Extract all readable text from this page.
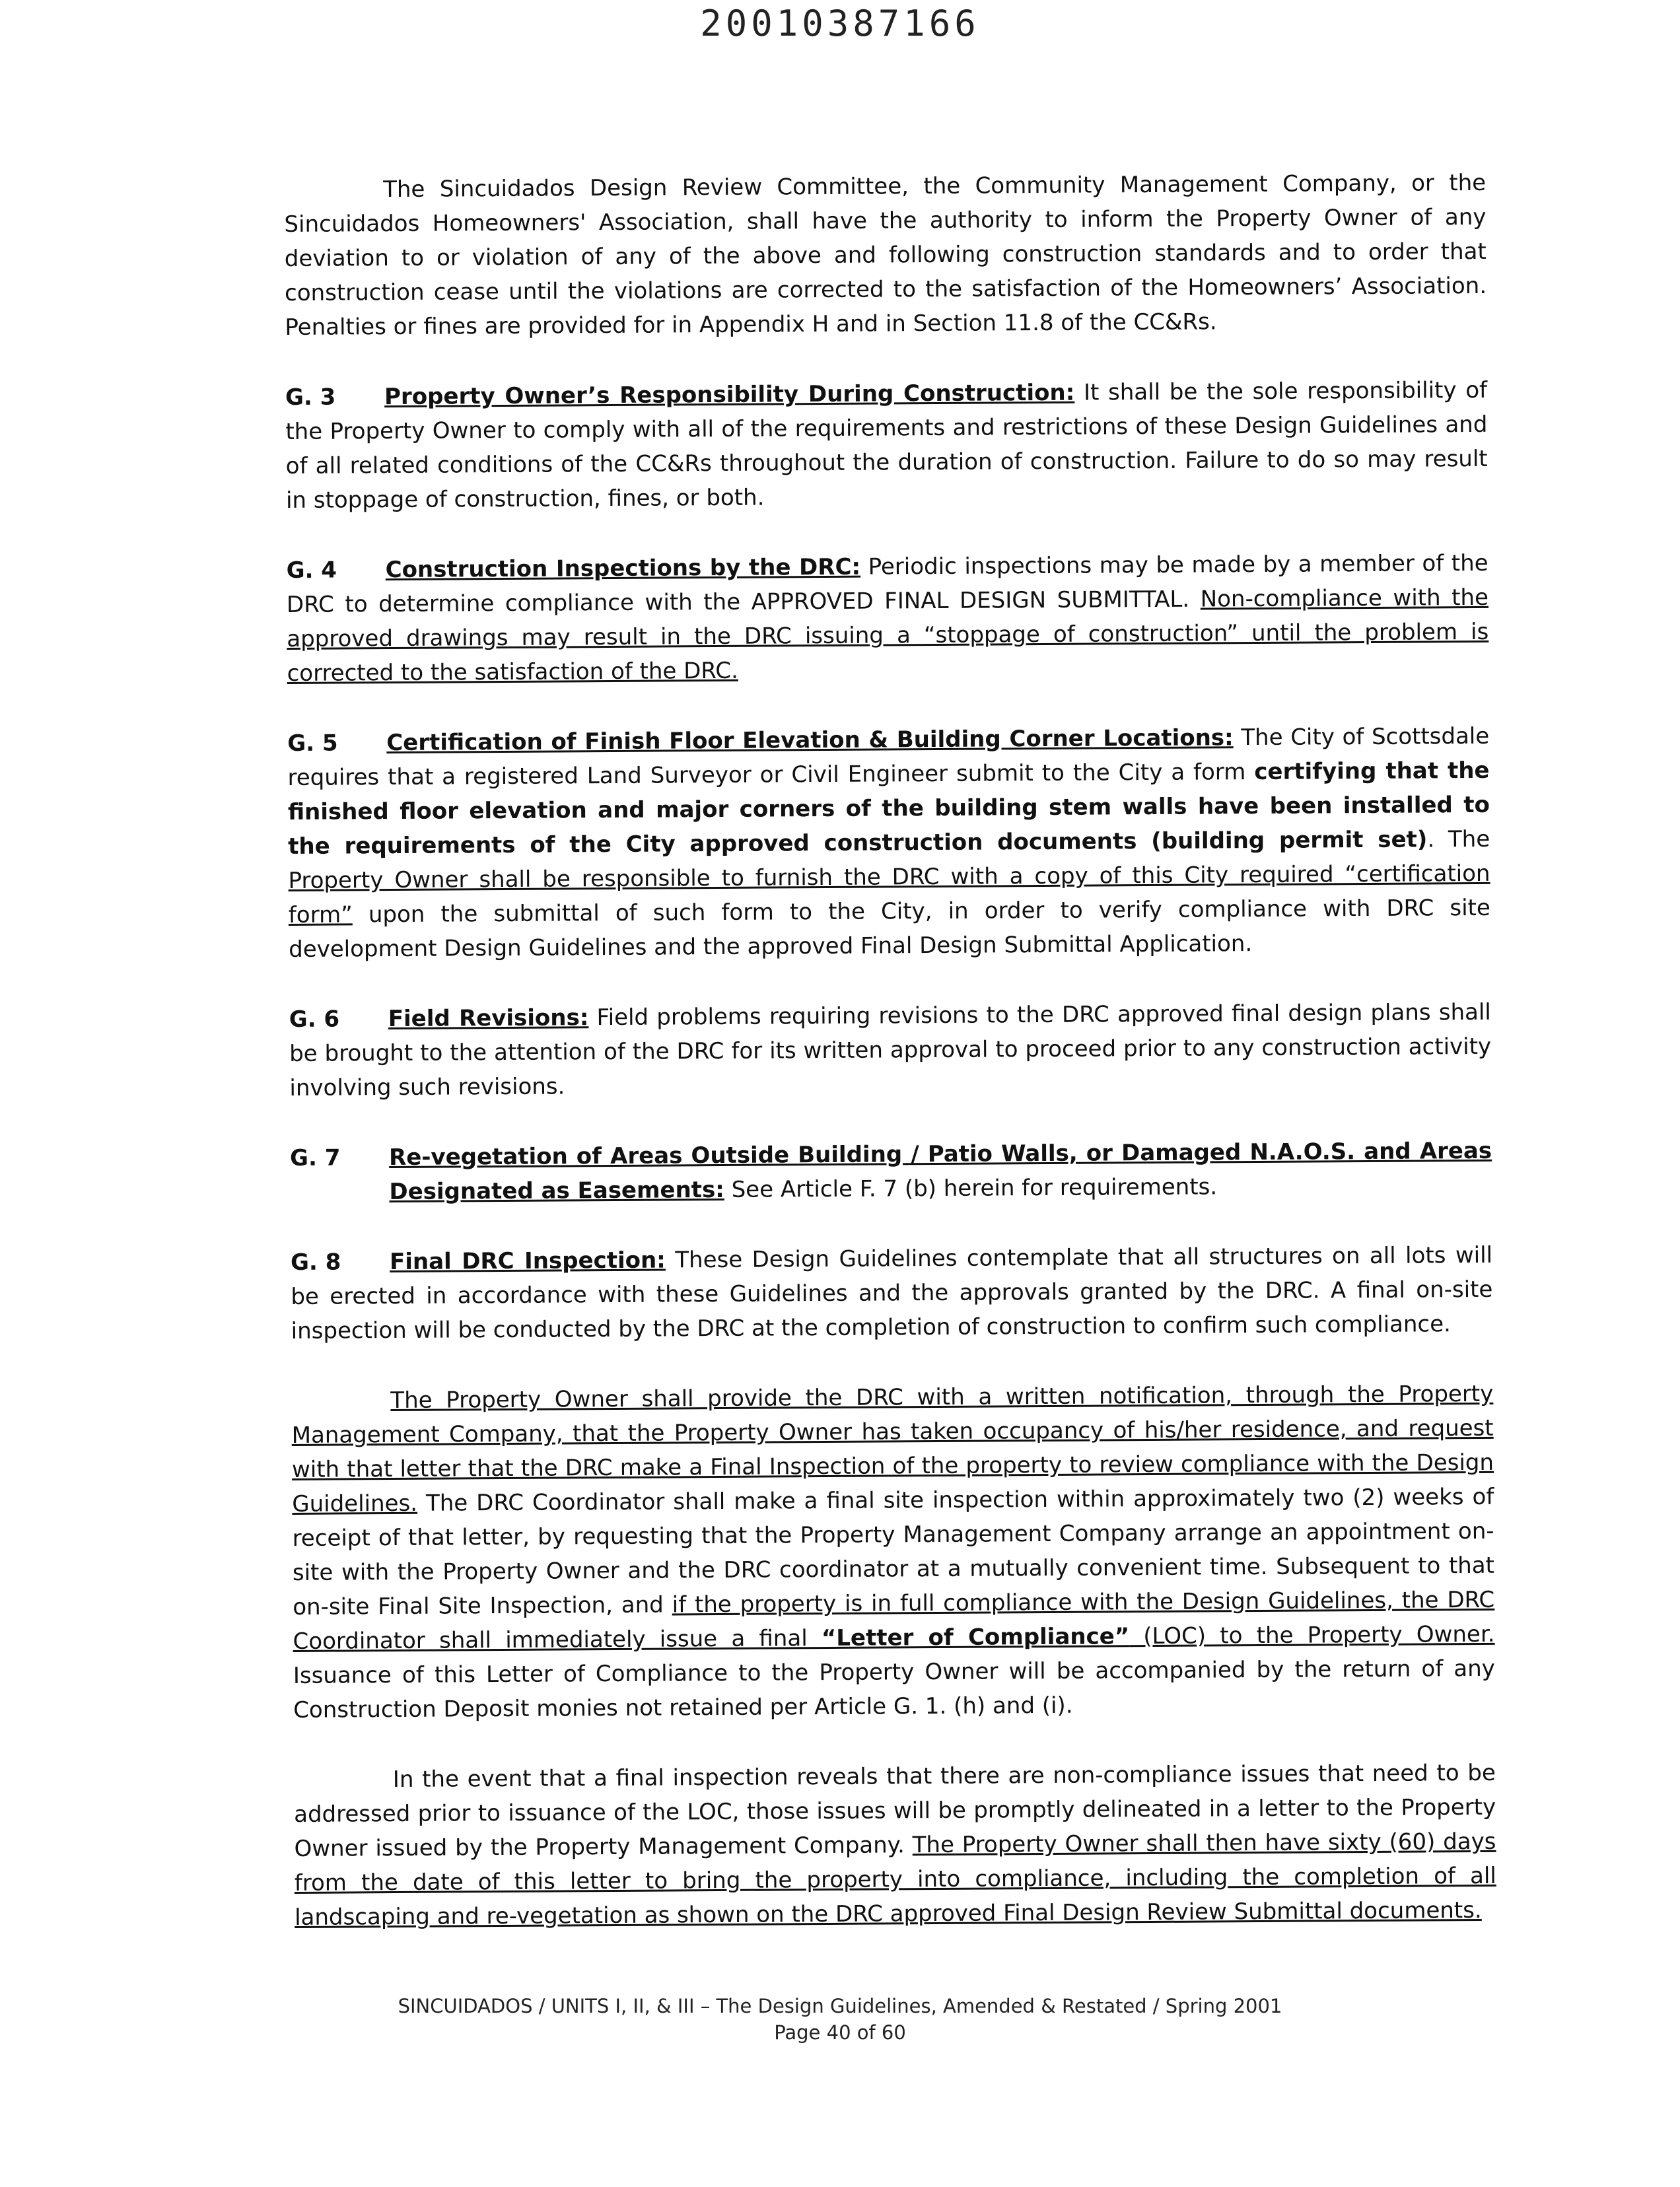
20010387166

The Sincuidados Design Review Committee, the Community Management Company, or the Sincuidados Homeowners' Association, shall have the authority to inform the Property Owner of any deviation to or violation of any of the above and following construction standards and to order that construction cease until the violations are corrected to the satisfaction of the Homeowners’ Association. Penalties or fines are provided for in Appendix H and in Section 11.8 of the CC&Rs.

G. 3 Property Owner’s Responsibility During Construction: It shall be the sole responsibility of the Property Owner to comply with all of the requirements and restrictions of these Design Guidelines and of all related conditions of the CC&Rs throughout the duration of construction. Failure to do so may result in stoppage of construction, fines, or both.

G. 4 Construction Inspections by the DRC: Periodic inspections may be made by a member of the DRC to determine compliance with the APPROVED FINAL DESIGN SUBMITTAL. Non-compliance with the approved drawings may result in the DRC issuing a “stoppage of construction” until the problem is corrected to the satisfaction of the DRC.

G. 5 Certification of Finish Floor Elevation & Building Corner Locations: The City of Scottsdale requires that a registered Land Surveyor or Civil Engineer submit to the City a form certifying that the finished floor elevation and major corners of the building stem walls have been installed to the requirements of the City approved construction documents (building permit set). The Property Owner shall be responsible to furnish the DRC with a copy of this City required “certification form” upon the submittal of such form to the City, in order to verify compliance with DRC site development Design Guidelines and the approved Final Design Submittal Application.

G. 6 Field Revisions: Field problems requiring revisions to the DRC approved final design plans shall be brought to the attention of the DRC for its written approval to proceed prior to any construction activity involving such revisions.

G. 7	Re-vegetation of Areas Outside Building / Patio Walls, or Damaged N.A.O.S. and Areas Designated as Easements: See Article F. 7 (b) herein for requirements.

G. 8 Final DRC Inspection: These Design Guidelines contemplate that all structures on all lots will be erected in accordance with these Guidelines and the approvals granted by the DRC. A final on-site inspection will be conducted by the DRC at the completion of construction to confirm such compliance.

The Property Owner shall provide the DRC with a written notification, through the Property Management Company, that the Property Owner has taken occupancy of his/her residence, and request with that letter that the DRC make a Final Inspection of the property to review compliance with the Design Guidelines. The DRC Coordinator shall make a final site inspection within approximately two (2) weeks of receipt of that letter, by requesting that the Property Management Company arrange an appointment on-site with the Property Owner and the DRC coordinator at a mutually convenient time. Subsequent to that on-site Final Site Inspection, and if the property is in full compliance with the Design Guidelines, the DRC Coordinator shall immediately issue a final “Letter of Compliance” (LOC) to the Property Owner. Issuance of this Letter of Compliance to the Property Owner will be accompanied by the return of any Construction Deposit monies not retained per Article G. 1. (h) and (i).

In the event that a final inspection reveals that there are non-compliance issues that need to be addressed prior to issuance of the LOC, those issues will be promptly delineated in a letter to the Property Owner issued by the Property Management Company. The Property Owner shall then have sixty (60) days from the date of this letter to bring the property into compliance, including the completion of all landscaping and re-vegetation as shown on the DRC approved Final Design Review Submittal documents.

SINCUIDADOS / UNITS I, II, & III – The Design Guidelines, Amended & Restated / Spring 2001
Page 40 of 60
